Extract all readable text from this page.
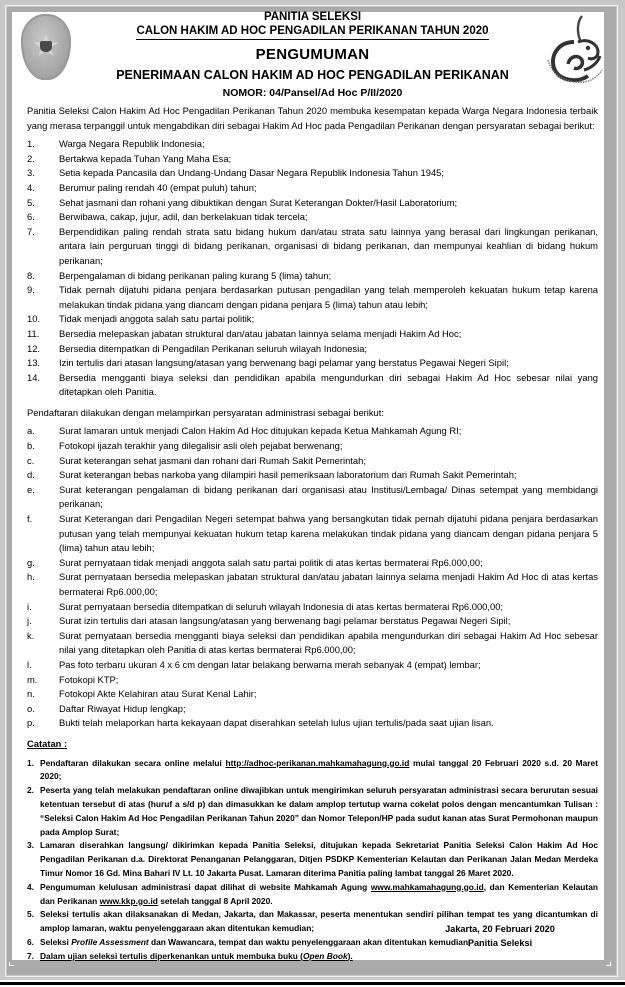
PANITIA SELEKSI
CALON HAKIM AD HOC PENGADILAN PERIKANAN TAHUN 2020
PENGUMUMAN
PENERIMAAN CALON HAKIM AD HOC PENGADILAN PERIKANAN
NOMOR: 04/Pansel/Ad Hoc P/II/2020

Panitia Seleksi Calon Hakim Ad Hoc Pengadilan Perikanan Tahun 2020 membuka kesempatan kepada Warga Negara Indonesia terbaik yang merasa terpanggil untuk mengabdikan diri sebagai Hakim Ad Hoc pada Pengadilan Perikanan dengan persyaratan sebagai berikut:

1.	Warga Negara Republik Indonesia;
2.	Bertakwa kepada Tuhan Yang Maha Esa;
3.	Setia kepada Pancasila dan Undang-Undang Dasar Negara Republik Indonesia Tahun 1945;
4.	Berumur paling rendah 40 (empat puluh) tahun;
5.	Sehat jasmani dan rohani yang dibuktikan dengan Surat Keterangan Dokter/Hasil Laboratorium;
6.	Berwibawa, cakap, jujur, adil, dan berkelakuan tidak tercela;
7.	Berpendidikan paling rendah strata satu bidang hukum dan/atau strata satu lainnya yang berasal dari lingkungan perikanan, antara lain perguruan tinggi di bidang perikanan, organisasi di bidang perikanan, dan mempunyai keahlian di bidang hukum perikanan;
8.	Berpengalaman di bidang perikanan paling kurang 5 (lima) tahun;
9.	Tidak pernah dijatuhi pidana penjara berdasarkan putusan pengadilan yang telah memperoleh kekuatan hukum tetap karena melakukan tindak pidana yang diancam dengan pidana penjara 5 (lima) tahun atau lebih;
10. Tidak menjadi anggota salah satu partai politik;
11. Bersedia melepaskan jabatan struktural dan/atau jabatan lainnya selama menjadi Hakim Ad Hoc;
12. Bersedia ditempatkan di Pengadilan Perikanan seluruh wilayah Indonesia;
13. Izin tertulis dari atasan langsung/atasan yang berwenang bagi pelamar yang berstatus Pegawai Negeri Sipil;
14. Bersedia mengganti biaya seleksi dan pendidikan apabila mengundurkan diri sebagai Hakim Ad Hoc sebesar nilai yang ditetapkan oleh Panitia.

Pendaftaran dilakukan dengan melampirkan persyaratan administrasi sebagai berikut:

a.	Surat lamaran untuk menjadi Calon Hakim Ad Hoc ditujukan kepada Ketua Mahkamah Agung RI;
b.	Fotokopi ijazah terakhir yang dilegalisir asli oleh pejabat berwenang;
c.	Surat keterangan sehat jasmani dan rohani dari Rumah Sakit Pemerintah;
d.	Surat keterangan bebas narkoba yang dilampiri hasil pemeriksaan laboratorium dari Rumah Sakit Pemerintah;
e.	Surat keterangan pengalaman di bidang perikanan dari organisasi atau Institusi/Lembaga/ Dinas setempat yang membidangi perikanan;
f.	Surat Keterangan dari Pengadilan Negeri setempat bahwa yang bersangkutan tidak pernah dijatuhi pidana penjara berdasarkan putusan yang telah mempunyai kekuatan hukum tetap karena melakukan tindak pidana yang diancam dengan pidana penjara 5 (lima) tahun atau lebih;
g.	Surat pernyataan tidak menjadi anggota salah satu partai politik di atas kertas bermaterai Rp6.000,00;
h.	Surat pernyataan bersedia melepaskan jabatan struktural dan/atau jabatan lainnya selama menjadi Hakim Ad Hoc di atas kertas bermaterai Rp6.000,00;
i.	Surat pernyataan bersedia ditempatkan di seluruh wilayah Indonesia di atas kertas bermaterai Rp6.000,00;
j.	Surat izin tertulis dari atasan langsung/atasan yang berwenang bagi pelamar berstatus Pegawai Negeri Sipil;
k.	Surat pernyataan bersedia mengganti biaya seleksi dan pendidikan apabila mengundurkan diri sebagai Hakim Ad Hoc sebesar nilai yang ditetapkan oleh Panitia di atas kertas bermaterai Rp6.000,00;
l.	Pas foto terbaru ukuran 4 x 6 cm dengan latar belakang berwarna merah sebanyak 4 (empat) lembar;
m. Fotokopi KTP;
n.	Fotokopi Akte Kelahiran atau Surat Kenal Lahir;
o.	Daftar Riwayat Hidup lengkap;
p.	Bukti telah melaporkan harta kekayaan dapat diserahkan setelah lulus ujian tertulis/pada saat ujian lisan.
Catatan :
1. Pendaftaran dilakukan secara online melalui http://adhoc-perikanan.mahkamahagung.go.id mulai tanggal 20 Februari 2020 s.d. 20 Maret 2020;
2. Peserta yang telah melakukan pendaftaran online diwajibkan untuk mengirimkan seluruh persyaratan administrasi secara berurutan sesuai ketentuan tersebut di atas (huruf a s/d p) dan dimasukkan ke dalam amplop tertutup warna cokelat polos dengan mencantumkan Tulisan : “Seleksi Calon Hakim Ad Hoc Pengadilan Perikanan Tahun 2020” dan Nomor Telepon/HP pada sudut kanan atas Surat Permohonan maupun pada Amplop Surat;
3. Lamaran diserahkan langsung/ dikirimkan kepada Panitia Seleksi, ditujukan kepada Sekretariat Panitia Seleksi Calon Hakim Ad Hoc Pengadilan Perikanan d.a. Direktorat Penanganan Pelanggaran, Ditjen PSDKP Kementerian Kelautan dan Perikanan Jalan Medan Merdeka Timur Nomor 16 Gd. Mina Bahari IV Lt. 10 Jakarta Pusat. Lamaran diterima Panitia paling lambat tanggal 26 Maret 2020.
4. Pengumuman kelulusan administrasi dapat dilihat di website Mahkamah Agung www.mahkamahagung.go.id, dan Kementerian Kelautan dan Perikanan www.kkp.go.id setelah tanggal 8 April 2020.
5. Seleksi tertulis akan dilaksanakan di Medan, Jakarta, dan Makassar, peserta menentukan sendiri pilihan tempat tes yang dicantumkan di amplop lamaran, waktu penyelenggaraan akan ditentukan kemudian;
6. Seleksi Profile Assessment dan Wawancara, tempat dan waktu penyelenggaraan akan ditentukan kemudian;
7. Dalam ujian seleksi tertulis diperkenankan untuk membuka buku (Open Book).
Jakarta, 20 Februari 2020
Panitia Seleksi
